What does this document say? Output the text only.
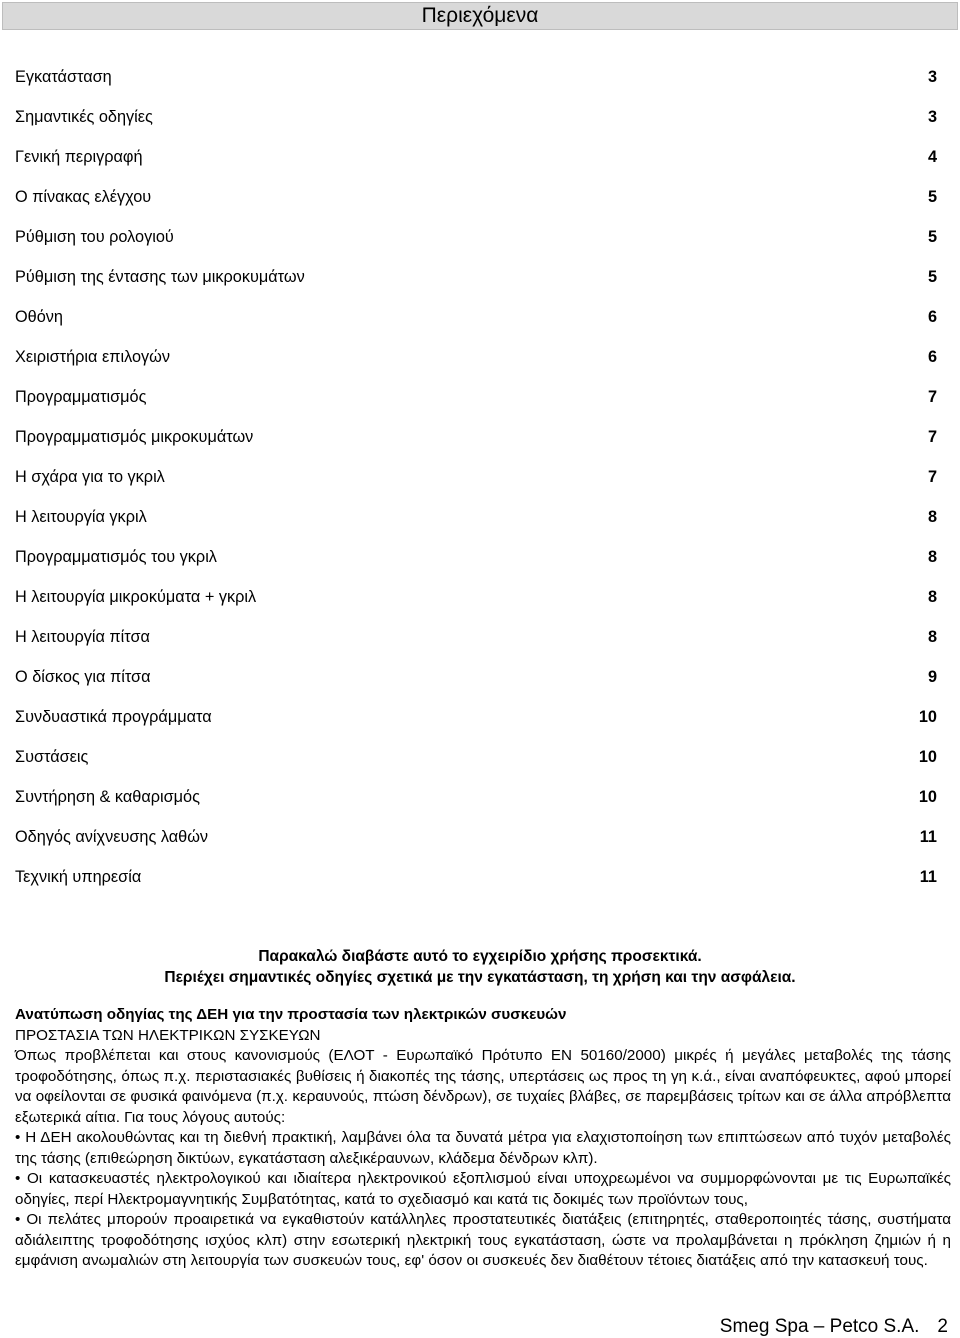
Περιεχόμενα
Εγκατάσταση	3
Σημαντικές οδηγίες	3
Γενική περιγραφή	4
Ο πίνακας ελέγχου	5
Ρύθμιση του ρολογιού	5
Ρύθμιση της έντασης των μικροκυμάτων	5
Οθόνη	6
Χειριστήρια επιλογών	6
Προγραμματισμός	7
Προγραμματισμός μικροκυμάτων	7
Η σχάρα για το γκριλ	7
Η λειτουργία γκριλ	8
Προγραμματισμός του γκριλ	8
Η λειτουργία μικροκύματα + γκριλ	8
Η λειτουργία πίτσα	8
Ο δίσκος για πίτσα	9
Συνδυαστικά προγράμματα	10
Συστάσεις	10
Συντήρηση & καθαρισμός	10
Οδηγός ανίχνευσης λαθών	11
Τεχνική υπηρεσία	11
Παρακαλώ διαβάστε αυτό το εγχειρίδιο χρήσης προσεκτικά.
Περιέχει σημαντικές οδηγίες σχετικά με την εγκατάσταση, τη χρήση και την ασφάλεια.

Ανατύπωση οδηγίας της ΔΕΗ για την προστασία των ηλεκτρικών συσκευών

ΠΡΟΣΤΑΣΙΑ ΤΩΝ ΗΛΕΚΤΡΙΚΩΝ ΣΥΣΚΕΥΩΝ

Όπως προβλέπεται και στους κανονισμούς (ΕΛΟΤ - Ευρωπαϊκό Πρότυπο ΕΝ 50160/2000) μικρές ή μεγάλες μεταβολές της τάσης τροφοδότησης, όπως π.χ. περιστασιακές βυθίσεις ή διακοπές της τάσης, υπερτάσεις ως προς τη γη κ.ά., είναι αναπόφευκτες, αφού μπορεί να οφείλονται σε φυσικά φαινόμενα (π.χ. κεραυνούς, πτώση δένδρων), σε τυχαίες βλάβες, σε παρεμβάσεις τρίτων και σε άλλα απρόβλεπτα εξωτερικά αίτια. Για τους λόγους αυτούς:

• Η ΔΕΗ ακολουθώντας και τη διεθνή πρακτική, λαμβάνει όλα τα δυνατά μέτρα για ελαχιστοποίηση των επιπτώσεων από τυχόν μεταβολές της τάσης (επιθεώρηση δικτύων, εγκατάσταση αλεξικέραυνων, κλάδεμα δένδρων κλπ).

• Οι κατασκευαστές ηλεκτρολογικού και ιδιαίτερα ηλεκτρονικού εξοπλισμού είναι υποχρεωμένοι να συμμορφώνονται με τις Ευρωπαϊκές οδηγίες, περί Ηλεκτρομαγνητικής Συμβατότητας, κατά το σχεδιασμό και κατά τις δοκιμές των προϊόντων τους,

• Οι πελάτες μπορούν προαιρετικά να εγκαθιστούν κατάλληλες προστατευτικές διατάξεις (επιτηρητές, σταθεροποιητές τάσης, συστήματα αδιάλειπτης τροφοδότησης ισχύος κλπ) στην εσωτερική ηλεκτρική τους εγκατάσταση, ώστε να προλαμβάνεται η πρόκληση ζημιών ή η εμφάνιση ανωμαλιών στη λειτουργία των συσκευών τους, εφ' όσον οι συσκευές δεν διαθέτουν τέτοιες διατάξεις από την κατασκευή τους.

Smeg Spa – Petco S.A. 2
